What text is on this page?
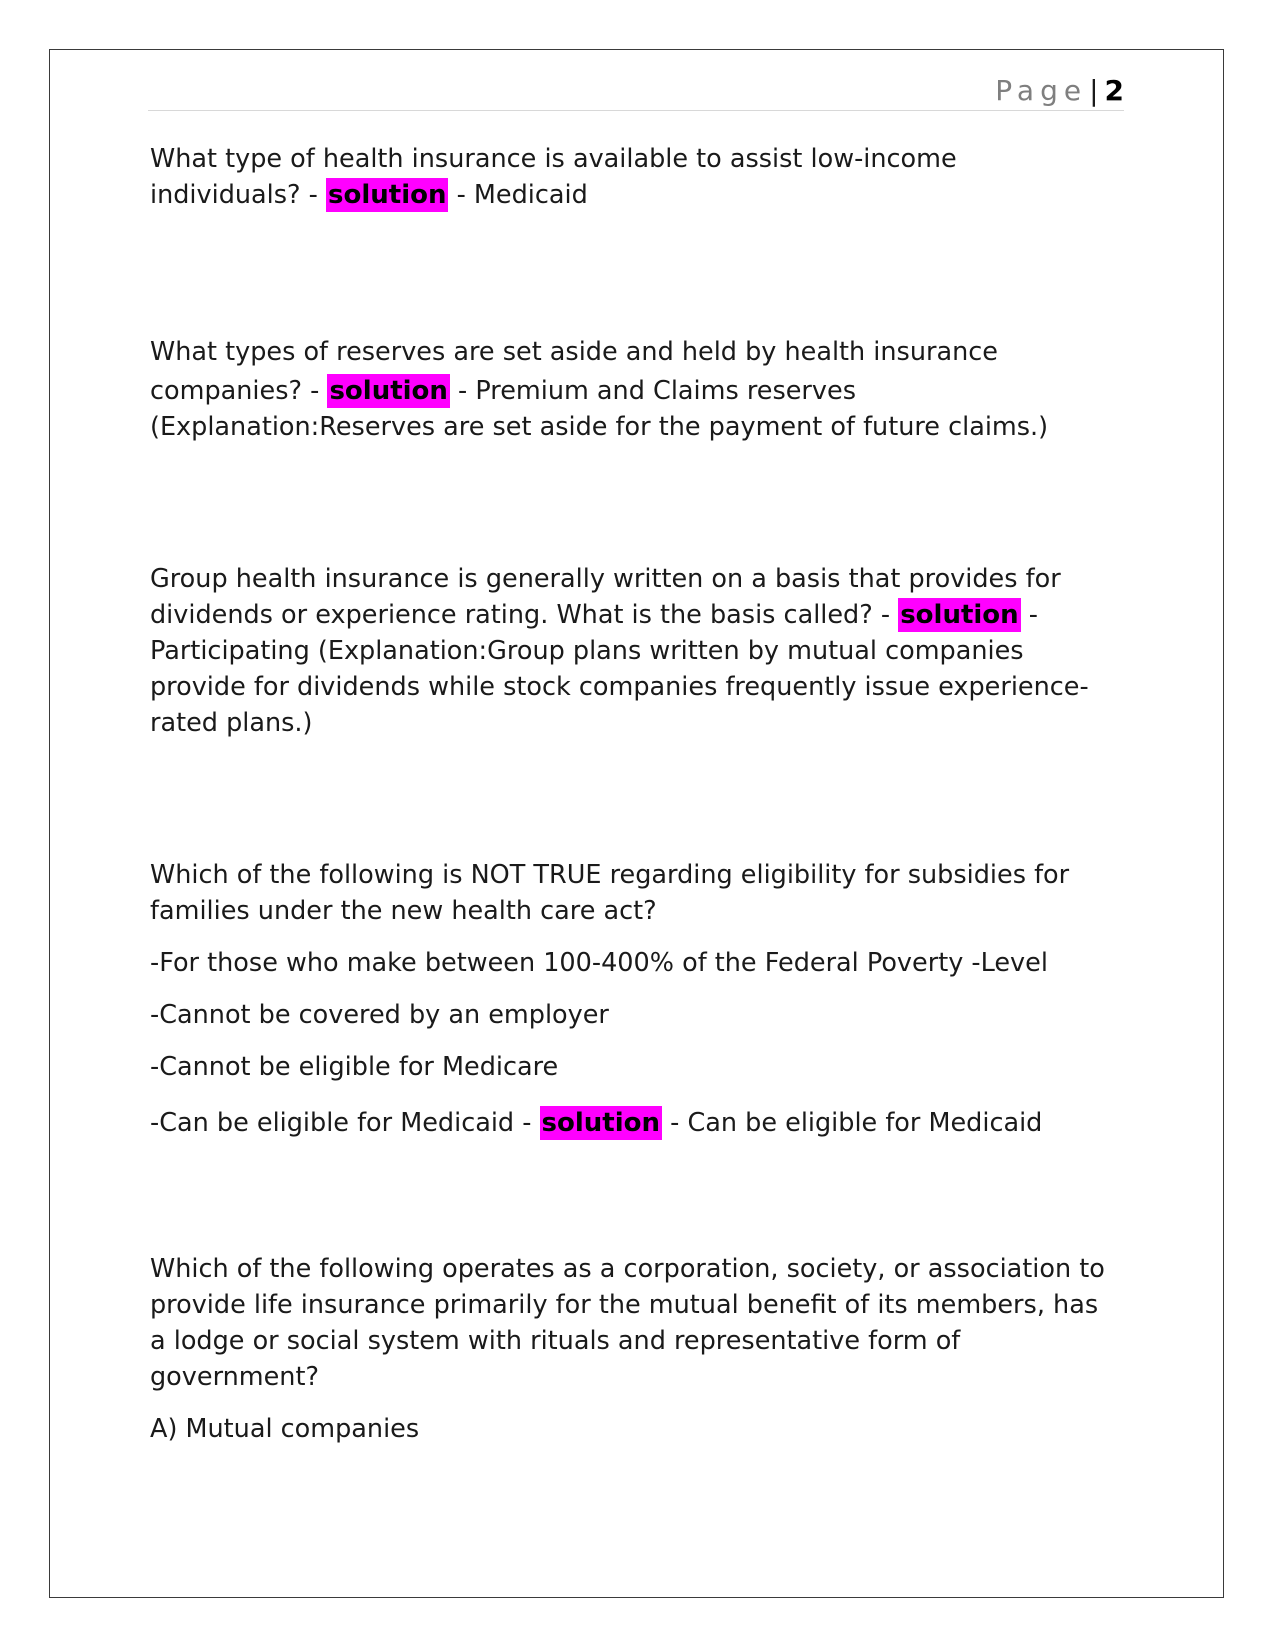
Page| 2

What type of health insurance is available to assist low-income individuals? - solution - Medicaid

What types of reserves are set aside and held by health insurance

companies? - solution - Premium and Claims reserves

(Explanation:Reserves are set aside for the payment of future claims.)

Group health insurance is generally written on a basis that provides for dividends or experience rating. What is the basis called? - solution - Participating (Explanation:Group plans written by mutual companies provide for dividends while stock companies frequently issue experience-rated plans.)

Which of the following is NOT TRUE regarding eligibility for subsidies for families under the new health care act?

-For those who make between 100-400% of the Federal Poverty -Level

-Cannot be covered by an employer

-Cannot be eligible for Medicare

-Can be eligible for Medicaid - solution - Can be eligible for Medicaid

Which of the following operates as a corporation, society, or association to provide life insurance primarily for the mutual benefit of its members, has a lodge or social system with rituals and representative form of government?

A) Mutual companies
